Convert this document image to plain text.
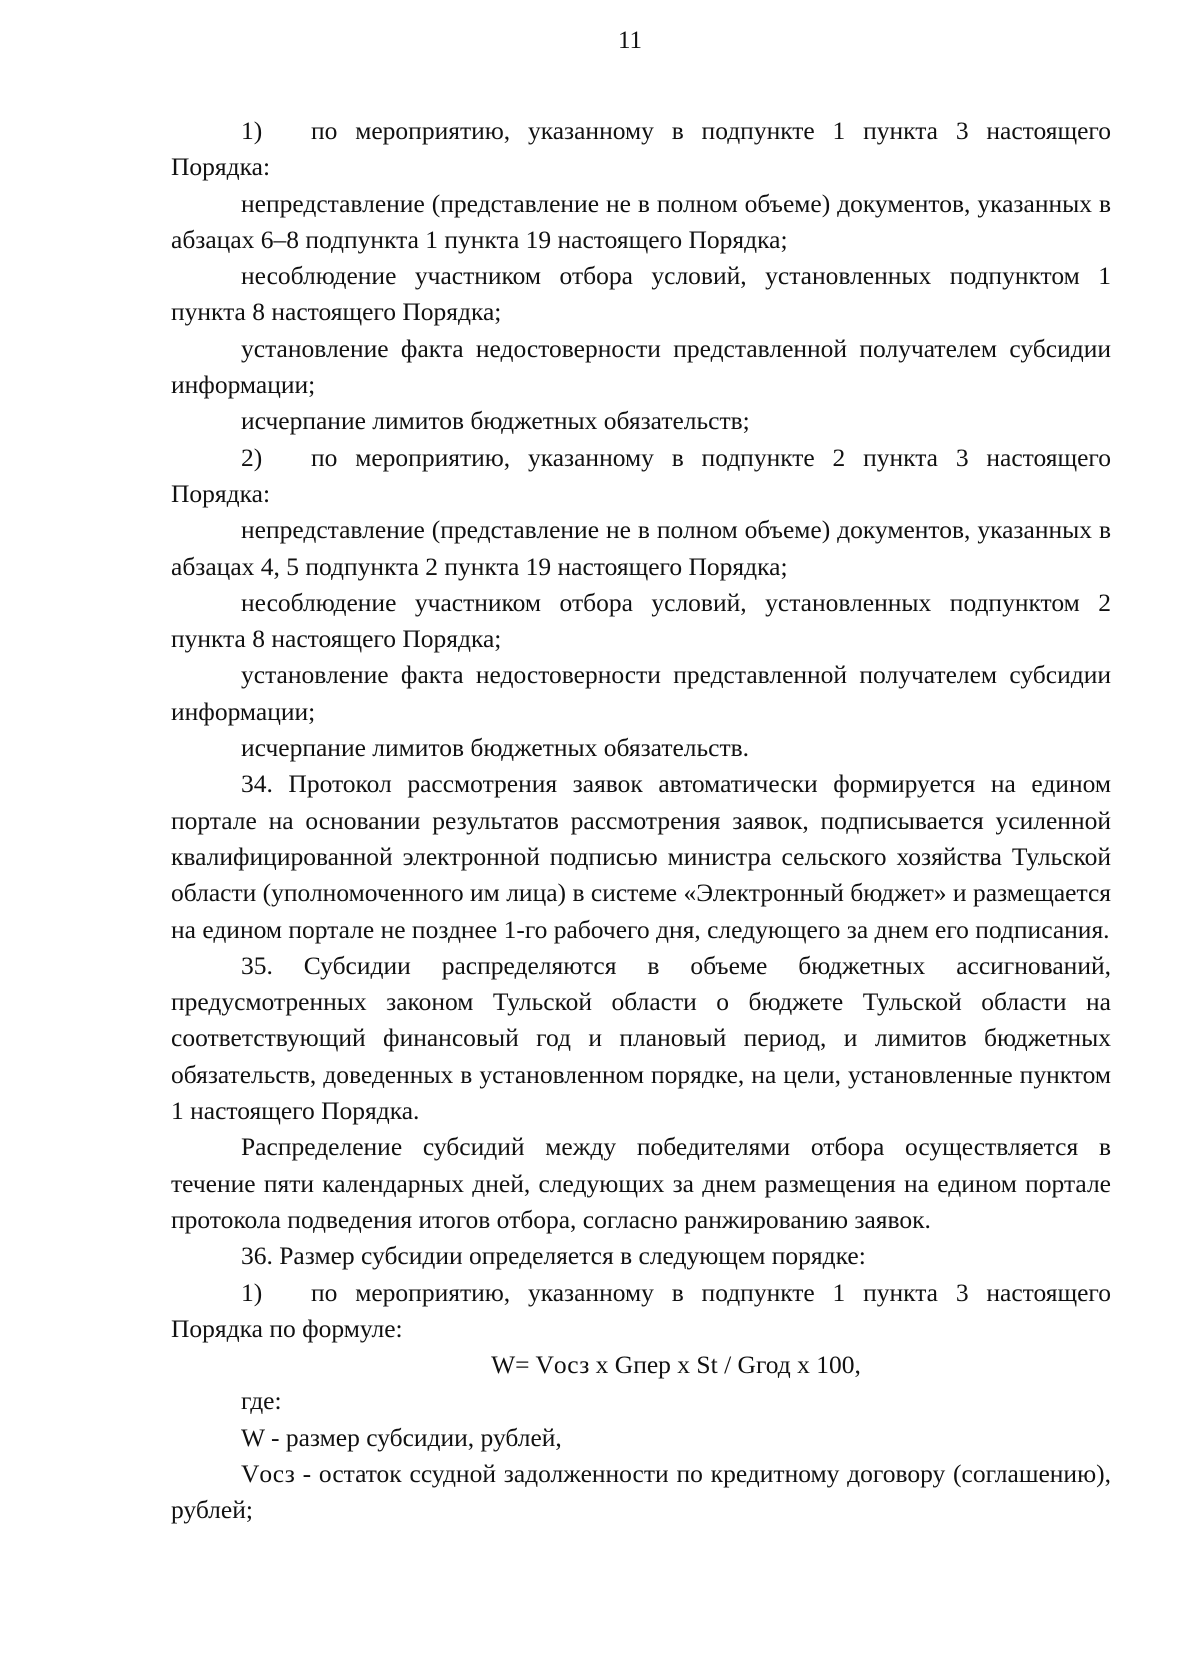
11

1) по мероприятию, указанному в подпункте 1 пункта 3 настоящего Порядка:

непредставление (представление не в полном объеме) документов, указанных в абзацах 6–8 подпункта 1 пункта 19 настоящего Порядка;

несоблюдение участником отбора условий, установленных подпунктом 1 пункта 8 настоящего Порядка;

установление факта недостоверности представленной получателем субсидии информации;

исчерпание лимитов бюджетных обязательств;

2) по мероприятию, указанному в подпункте 2 пункта 3 настоящего Порядка:

непредставление (представление не в полном объеме) документов, указанных в абзацах 4, 5 подпункта 2 пункта 19 настоящего Порядка;

несоблюдение участником отбора условий, установленных подпунктом 2 пункта 8 настоящего Порядка;

установление факта недостоверности представленной получателем субсидии информации;

исчерпание лимитов бюджетных обязательств.

34. Протокол рассмотрения заявок автоматически формируется на едином портале на основании результатов рассмотрения заявок, подписывается усиленной квалифицированной электронной подписью министра сельского хозяйства Тульской области (уполномоченного им лица) в системе «Электронный бюджет» и размещается на едином портале не позднее 1-го рабочего дня, следующего за днем его подписания.

35. Субсидии распределяются в объеме бюджетных ассигнований, предусмотренных законом Тульской области о бюджете Тульской области на соответствующий финансовый год и плановый период, и лимитов бюджетных обязательств, доведенных в установленном порядке, на цели, установленные пунктом 1 настоящего Порядка.

Распределение субсидий между победителями отбора осуществляется в течение пяти календарных дней, следующих за днем размещения на едином портале протокола подведения итогов отбора, согласно ранжированию заявок.

36. Размер субсидии определяется в следующем порядке:

1) по мероприятию, указанному в подпункте 1 пункта 3 настоящего Порядка по формуле:

W= Vосз х Gпер х St / Gгод х 100,

где:

W - размер субсидии, рублей,

Vосз - остаток ссудной задолженности по кредитному договору (соглашению), рублей;
